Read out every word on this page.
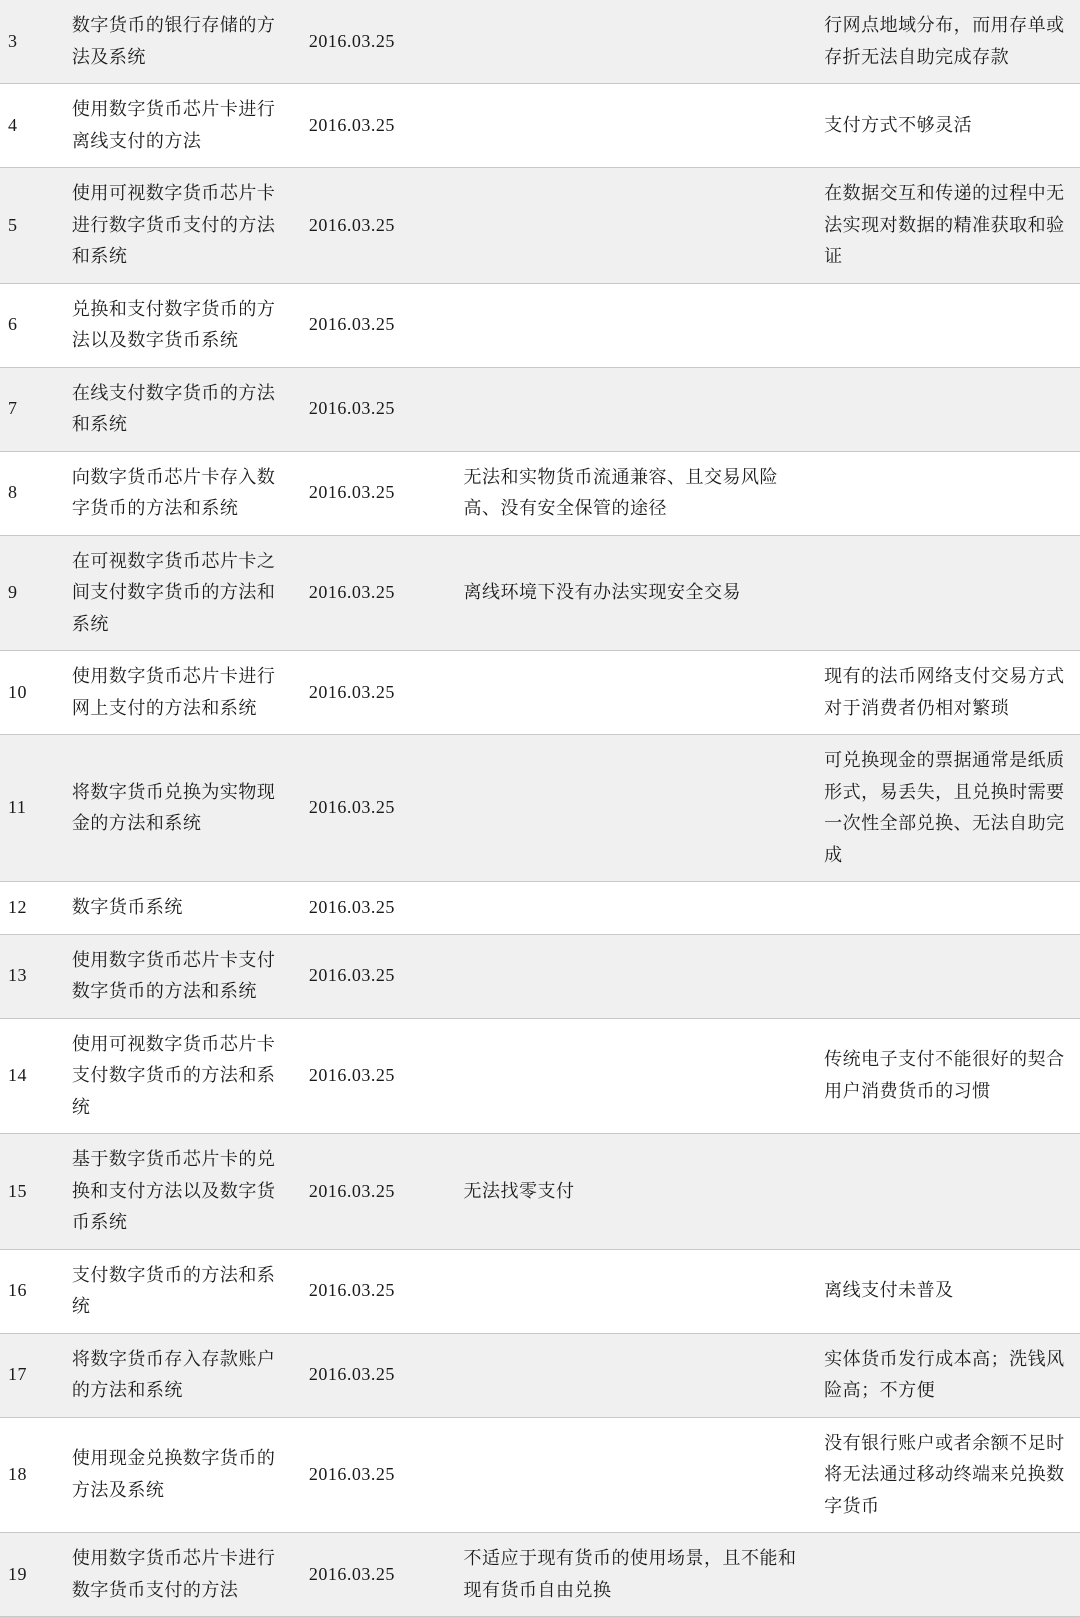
3	数字货币的银行存储的方法及系统	2016.03.25		行网点地域分布，而用存单或存折无法自助完成存款

4	使用数字货币芯片卡进行离线支付的方法	2016.03.25		支付方式不够灵活

5	使用可视数字货币芯片卡进行数字货币支付的方法和系统	2016.03.25		在数据交互和传递的过程中无法实现对数据的精准获取和验证

6	兑换和支付数字货币的方法以及数字货币系统	2016.03.25		

7	在线支付数字货币的方法和系统	2016.03.25		

8	向数字货币芯片卡存入数字货币的方法和系统	2016.03.25	无法和实物货币流通兼容、且交易风险高、没有安全保管的途径	

9	在可视数字货币芯片卡之间支付数字货币的方法和系统	2016.03.25	离线环境下没有办法实现安全交易	

10	使用数字货币芯片卡进行网上支付的方法和系统	2016.03.25		现有的法币网络支付交易方式对于消费者仍相对繁琐

11	将数字货币兑换为实物现金的方法和系统	2016.03.25		可兑换现金的票据通常是纸质形式，易丢失，且兑换时需要一次性全部兑换、无法自助完成

12	数字货币系统	2016.03.25		

13	使用数字货币芯片卡支付数字货币的方法和系统	2016.03.25		

14	使用可视数字货币芯片卡支付数字货币的方法和系统	2016.03.25		传统电子支付不能很好的契合用户消费货币的习惯

15	基于数字货币芯片卡的兑换和支付方法以及数字货币系统	2016.03.25	无法找零支付	

16	支付数字货币的方法和系统	2016.03.25		离线支付未普及

17	将数字货币存入存款账户的方法和系统	2016.03.25		实体货币发行成本高；洗钱风险高；不方便

18	使用现金兑换数字货币的方法及系统	2016.03.25		没有银行账户或者余额不足时将无法通过移动终端来兑换数字货币

19	使用数字货币芯片卡进行数字货币支付的方法	2016.03.25	不适应于现有货币的使用场景，且不能和现有货币自由兑换	
